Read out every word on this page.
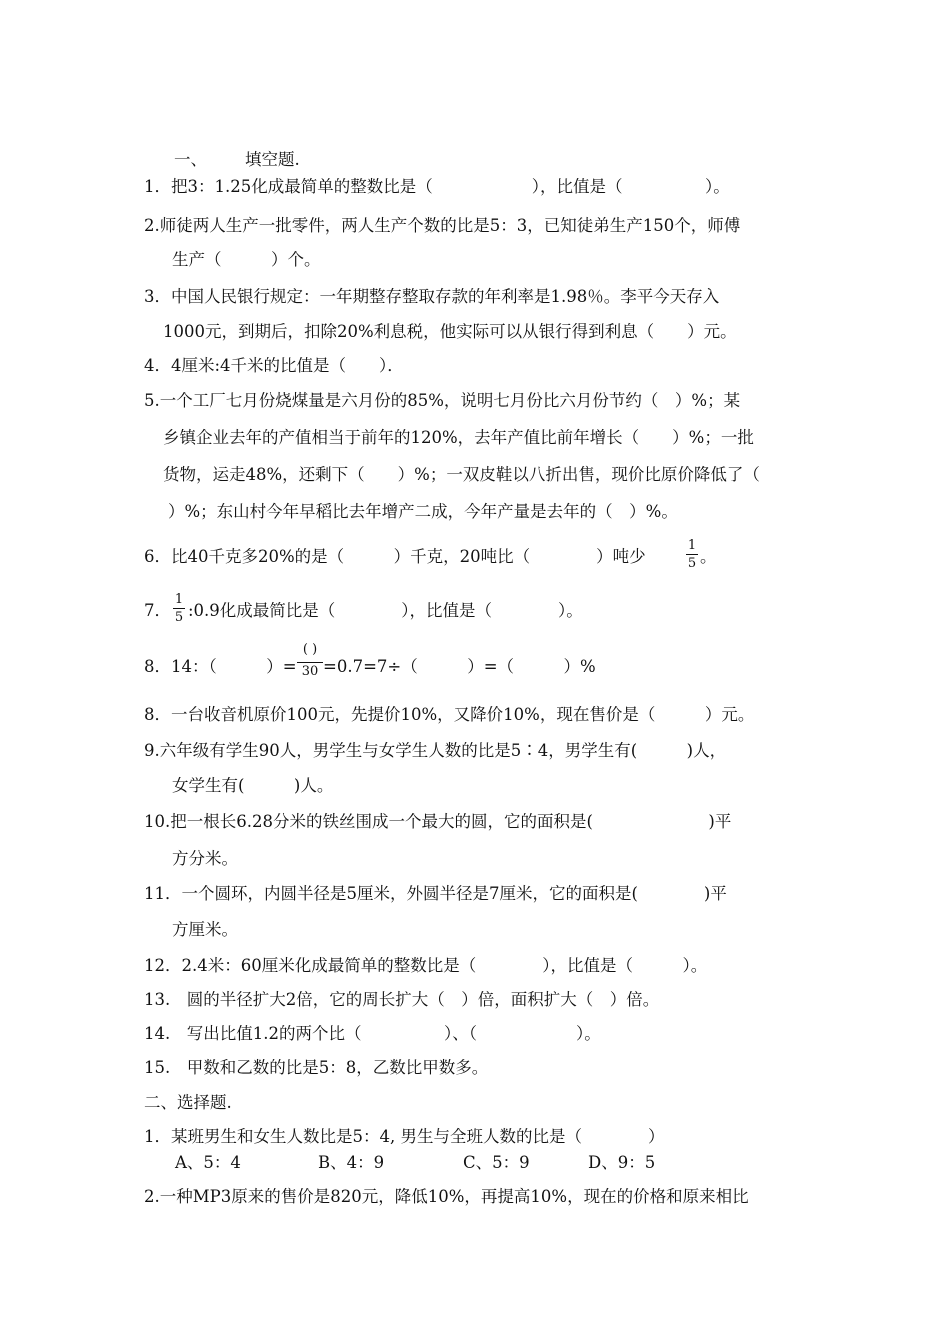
一、 填空题.
1．把3：1.25化成最简单的整数比是（　　　　　　），比值是（　　　　　）。
2.师徒两人生产一批零件，两人生产个数的比是5：3，已知徒弟生产150个，师傅
生产（　　　）个。
3．中国人民银行规定：一年期整存整取存款的年利率是1.98％。李平今天存入
1000元，到期后，扣除20%利息税，他实际可以从银行得到利息（　　）元。
4．4厘米:4千米的比值是（　　）．
5.一个工厂七月份烧煤量是六月份的85%，说明七月份比六月份节约（　）%；某
乡镇企业去年的产值相当于前年的120%，去年产值比前年增长（　　）%；一批
货物，运走48%，还剩下（　　）%；一双皮鞋以八折出售，现价比原价降低了（
）%；东山村今年早稻比去年增产二成，今年产量是去年的（　）%。
6．比40千克多20%的是（　　　）千克，20吨比（　　　　）吨少
1
5 。
7．
1
5 :0.9化成最简比是（　　　　），比值是（　　　　）。
8．14：（　　　）=
( )
30 =0.7=7÷（　　　）=（　　　）%
8．一台收音机原价100元，先提价10%，又降价10%，现在售价是（　　　）元。
9.六年级有学生90人，男学生与女学生人数的比是5∶4，男学生有(　　　)人，
女学生有(　　　)人。
10.把一根长6.28分米的铁丝围成一个最大的圆，它的面积是(　　　　　　　)平
方分米。
11．一个圆环，内圆半径是5厘米，外圆半径是7厘米，它的面积是(　　　　)平
方厘米。
12．2.4米：60厘米化成最简单的整数比是（　　　　），比值是（　　　）。
13.　圆的半径扩大2倍，它的周长扩大（　）倍，面积扩大（　）倍。
14.　写出比值1.2的两个比（　　　　　）、（　　　　　　）。
15.　甲数和乙数的比是5：8，乙数比甲数多。
二、选择题.
1．某班男生和女生人数比是5：4, 男生与全班人数的比是（　　　　）
A、5：4	B、4：9	C、5：9	D、9：5
2.一种MP3原来的售价是820元，降低10%，再提高10%，现在的价格和原来相比
